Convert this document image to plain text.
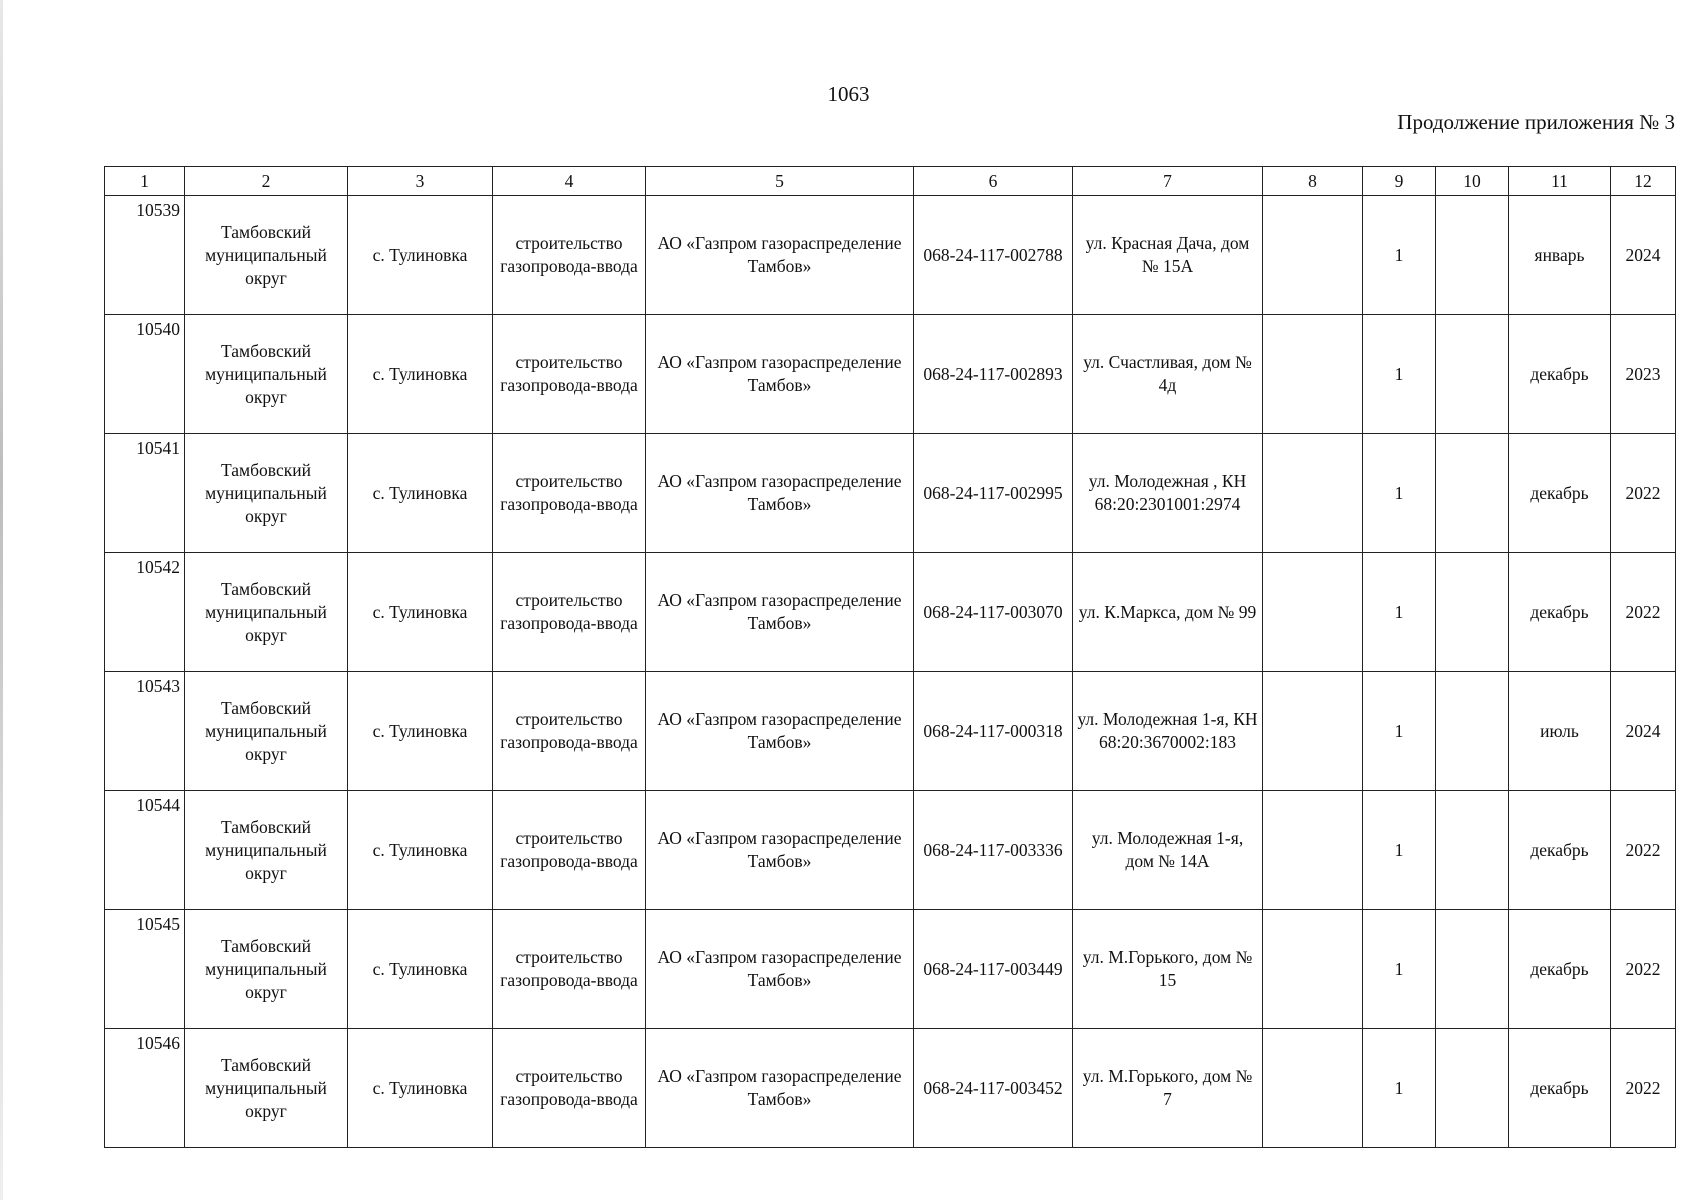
1063
Продолжение приложения № 3
1	2	3	4	5	6	7	8	9	10	11	12
10539	Тамбовский муниципальный округ	с. Тулиновка	строительство газопровода-ввода	АО «Газпром газораспределение Тамбов»	068-24-117-002788	ул. Красная Дача, дом № 15А		1		январь	2024
10540	Тамбовский муниципальный округ	с. Тулиновка	строительство газопровода-ввода	АО «Газпром газораспределение Тамбов»	068-24-117-002893	ул. Счастливая, дом № 4д		1		декабрь	2023
10541	Тамбовский муниципальный округ	с. Тулиновка	строительство газопровода-ввода	АО «Газпром газораспределение Тамбов»	068-24-117-002995	ул. Молодежная , КН 68:20:2301001:2974		1		декабрь	2022
10542	Тамбовский муниципальный округ	с. Тулиновка	строительство газопровода-ввода	АО «Газпром газораспределение Тамбов»	068-24-117-003070	ул. К.Маркса, дом № 99		1		декабрь	2022
10543	Тамбовский муниципальный округ	с. Тулиновка	строительство газопровода-ввода	АО «Газпром газораспределение Тамбов»	068-24-117-000318	ул. Молодежная 1-я, КН 68:20:3670002:183		1		июль	2024
10544	Тамбовский муниципальный округ	с. Тулиновка	строительство газопровода-ввода	АО «Газпром газораспределение Тамбов»	068-24-117-003336	ул. Молодежная 1-я, дом № 14А		1		декабрь	2022
10545	Тамбовский муниципальный округ	с. Тулиновка	строительство газопровода-ввода	АО «Газпром газораспределение Тамбов»	068-24-117-003449	ул. М.Горького, дом № 15		1		декабрь	2022
10546	Тамбовский муниципальный округ	с. Тулиновка	строительство газопровода-ввода	АО «Газпром газораспределение Тамбов»	068-24-117-003452	ул. М.Горького, дом № 7		1		декабрь	2022
